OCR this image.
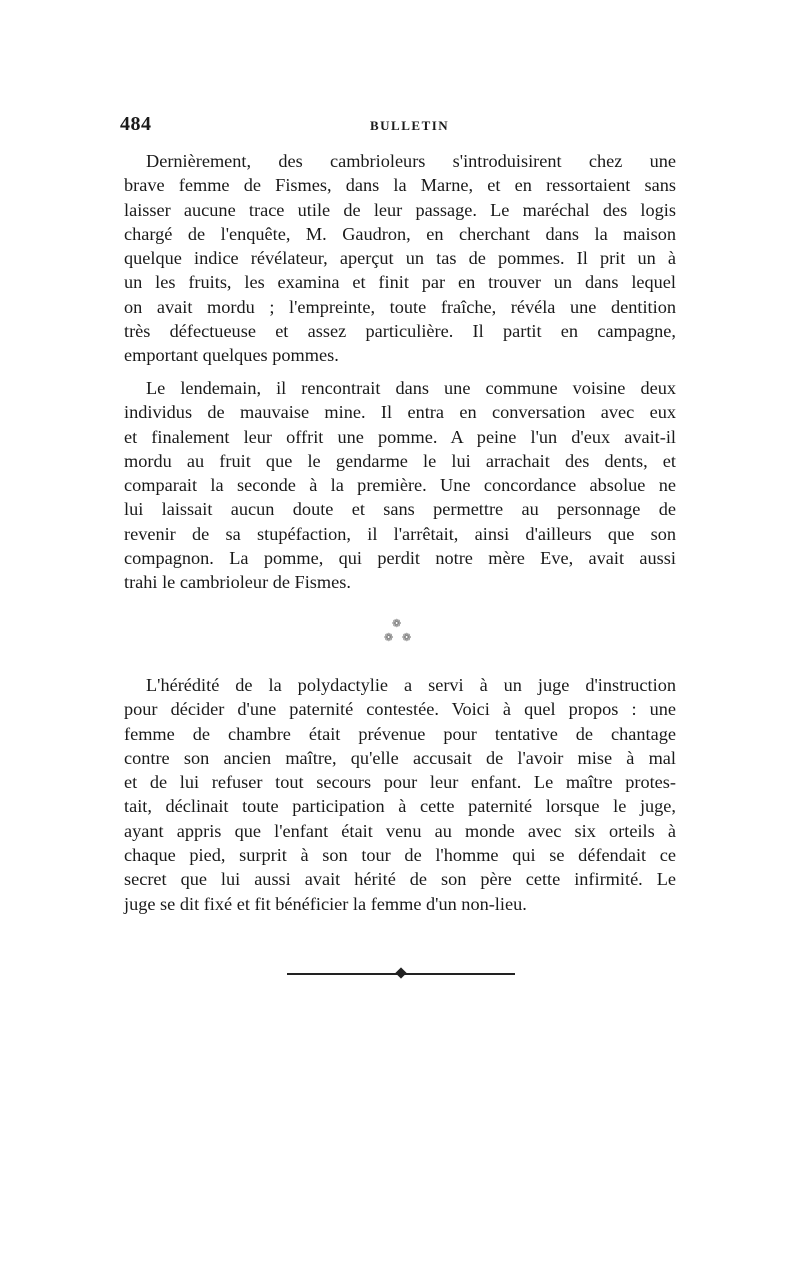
484	BULLETIN
Dernièrement, des cambrioleurs s'introduisirent chez une
brave femme de Fismes, dans la Marne, et en ressortaient sans
laisser aucune trace utile de leur passage. Le maréchal des logis
chargé de l'enquête, M. Gaudron, en cherchant dans la maison
quelque indice révélateur, aperçut un tas de pommes. Il prit un à
un les fruits, les examina et finit par en trouver un dans lequel
on avait mordu ; l'empreinte, toute fraîche, révéla une dentition
très défectueuse et assez particulière. Il partit en campagne,
emportant quelques pommes.
Le lendemain, il rencontrait dans une commune voisine deux
individus de mauvaise mine. Il entra en conversation avec eux
et finalement leur offrit une pomme. A peine l'un d'eux avait-il
mordu au fruit que le gendarme le lui arrachait des dents, et
comparait la seconde à la première. Une concordance absolue ne
lui laissait aucun doute et sans permettre au personnage de
revenir de sa stupéfaction, il l'arrêtait, ainsi d'ailleurs que son
compagnon. La pomme, qui perdit notre mère Eve, avait aussi
trahi le cambrioleur de Fismes.
❁
❁ ❁
L'hérédité de la polydactylie a servi à un juge d'instruction
pour décider d'une paternité contestée. Voici à quel propos : une
femme de chambre était prévenue pour tentative de chantage
contre son ancien maître, qu'elle accusait de l'avoir mise à mal
et de lui refuser tout secours pour leur enfant. Le maître protes-
tait, déclinait toute participation à cette paternité lorsque le juge,
ayant appris que l'enfant était venu au monde avec six orteils à
chaque pied, surprit à son tour de l'homme qui se défendait ce
secret que lui aussi avait hérité de son père cette infirmité. Le
juge se dit fixé et fit bénéficier la femme d'un non-lieu.
